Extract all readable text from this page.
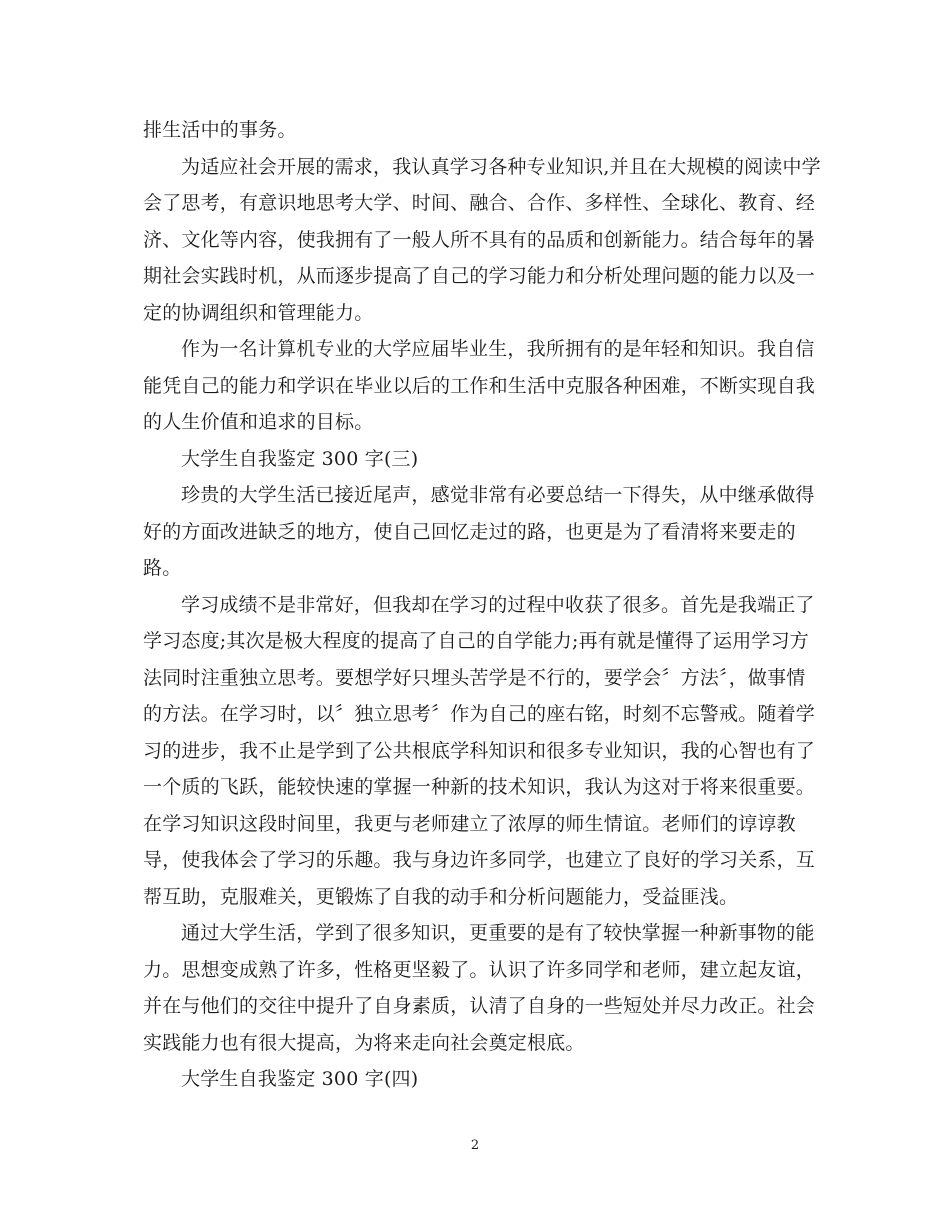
排生活中的事务。
为适应社会开展的需求，我认真学习各种专业知识,并且在大规模的阅读中学
会了思考，有意识地思考大学、时间、融合、合作、多样性、全球化、教育、经
济、文化等内容，使我拥有了一般人所不具有的品质和创新能力。结合每年的暑
期社会实践时机，从而逐步提高了自己的学习能力和分析处理问题的能力以及一
定的协调组织和管理能力。
作为一名计算机专业的大学应届毕业生，我所拥有的是年轻和知识。我自信
能凭自己的能力和学识在毕业以后的工作和生活中克服各种困难，不断实现自我
的人生价值和追求的目标。
大学生自我鉴定 300 字(三)
珍贵的大学生活已接近尾声，感觉非常有必要总结一下得失，从中继承做得
好的方面改进缺乏的地方，使自己回忆走过的路，也更是为了看清将来要走的
路。
学习成绩不是非常好，但我却在学习的过程中收获了很多。首先是我端正了
学习态度;其次是极大程度的提高了自己的自学能力;再有就是懂得了运用学习方
法同时注重独立思考。要想学好只埋头苦学是不行的，要学会〞方法〞，做事情
的方法。在学习时，以〞独立思考〞作为自己的座右铭，时刻不忘警戒。随着学
习的进步，我不止是学到了公共根底学科知识和很多专业知识，我的心智也有了
一个质的飞跃，能较快速的掌握一种新的技术知识，我认为这对于将来很重要。
在学习知识这段时间里，我更与老师建立了浓厚的师生情谊。老师们的谆谆教
导，使我体会了学习的乐趣。我与身边许多同学，也建立了良好的学习关系，互
帮互助，克服难关，更锻炼了自我的动手和分析问题能力，受益匪浅。
通过大学生活，学到了很多知识，更重要的是有了较快掌握一种新事物的能
力。思想变成熟了许多，性格更坚毅了。认识了许多同学和老师，建立起友谊，
并在与他们的交往中提升了自身素质，认清了自身的一些短处并尽力改正。社会
实践能力也有很大提高，为将来走向社会奠定根底。
大学生自我鉴定 300 字(四)
2
